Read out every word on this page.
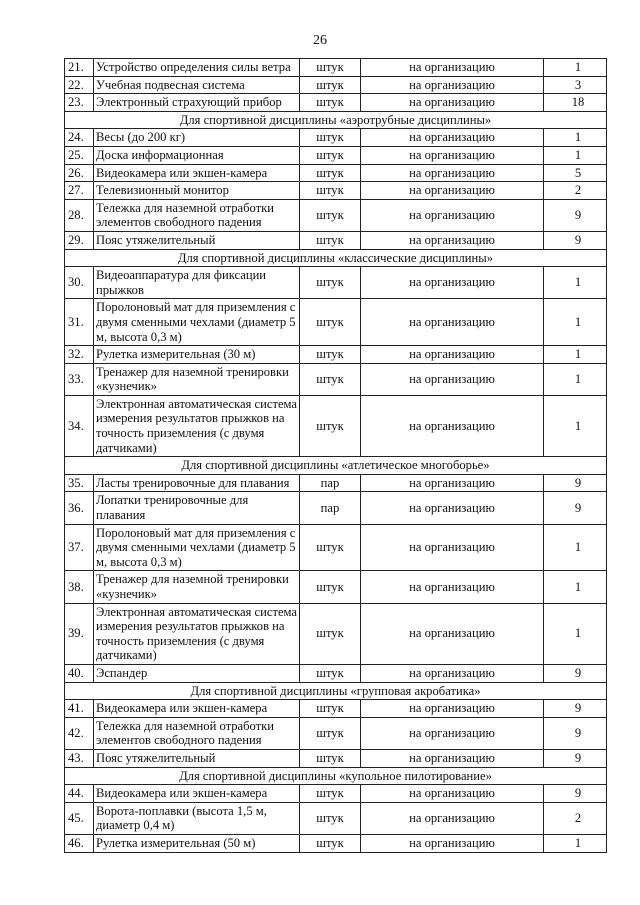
26
21.	Устройство определения силы ветра	штук	на организацию	1
22.	Учебная подвесная система	штук	на организацию	3
23.	Электронный страхующий прибор	штук	на организацию	18
Для спортивной дисциплины «аэротрубные дисциплины»				
24.	Весы (до 200 кг)	штук	на организацию	1
25.	Доска информационная	штук	на организацию	1
26.	Видеокамера или экшен-камера	штук	на организацию	5
27.	Телевизионный монитор	штук	на организацию	2
28.	Тележка для наземной отработки элементов свободного падения	штук	на организацию	9
29.	Пояс утяжелительный	штук	на организацию	9
Для спортивной дисциплины «классические дисциплины»				
30.	Видеоаппаратура для фиксации прыжков	штук	на организацию	1
31.	Поролоновый мат для приземления с двумя сменными чехлами (диаметр 5 м, высота 0,3 м)	штук	на организацию	1
32.	Рулетка измерительная (30 м)	штук	на организацию	1
33.	Тренажер для наземной тренировки «кузнечик»	штук	на организацию	1
34.	Электронная автоматическая система измерения результатов прыжков на точность приземления (с двумя датчиками)	штук	на организацию	1
Для спортивной дисциплины «атлетическое многоборье»				
35.	Ласты тренировочные для плавания	пар	на организацию	9
36.	Лопатки тренировочные для плавания	пар	на организацию	9
37.	Поролоновый мат для приземления с двумя сменными чехлами (диаметр 5 м, высота 0,3 м)	штук	на организацию	1
38.	Тренажер для наземной тренировки «кузнечик»	штук	на организацию	1
39.	Электронная автоматическая система измерения результатов прыжков на точность приземления (с двумя датчиками)	штук	на организацию	1
40.	Эспандер	штук	на организацию	9
Для спортивной дисциплины «групповая акробатика»				
41.	Видеокамера или экшен-камера	штук	на организацию	9
42.	Тележка для наземной отработки элементов свободного падения	штук	на организацию	9
43.	Пояс утяжелительный	штук	на организацию	9
Для спортивной дисциплины «купольное пилотирование»				
44.	Видеокамера или экшен-камера	штук	на организацию	9
45.	Ворота-поплавки (высота 1,5 м, диаметр 0,4 м)	штук	на организацию	2
46.	Рулетка измерительная (50 м)	штук	на организацию	1
